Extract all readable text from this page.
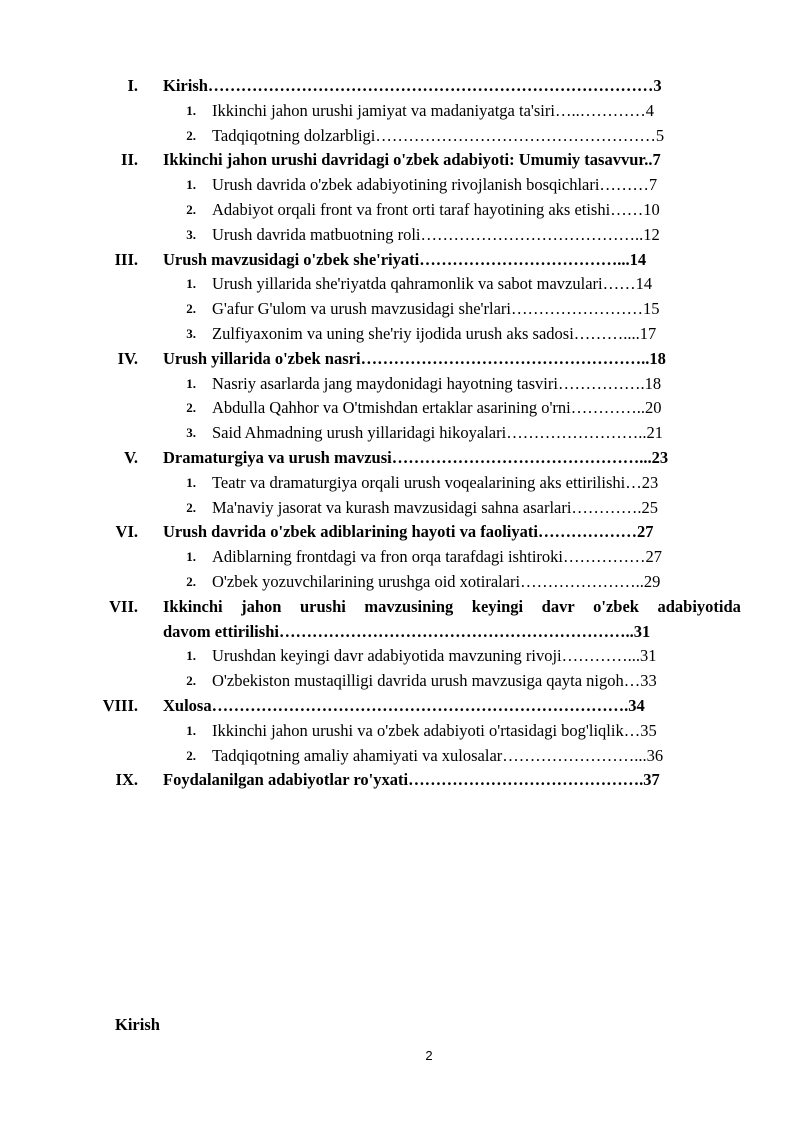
I. Kirish………………………………………………………………………3
1. Ikkinchi jahon urushi jamiyat va madaniyatga ta'siri…..…………4
2. Tadqiqotning dolzarbligi……………………………………………5
II. Ikkinchi jahon urushi davridagi o'zbek adabiyoti: Umumiy tasavvur..7
1. Urush davrida o'zbek adabiyotining rivojlanish bosqichlari………7
2. Adabiyot orqali front va front orti taraf hayotining aks etishi……10
3. Urush davrida matbuotning roli…………………………………..12
III. Urush mavzusidagi o'zbek she'riyati………………………………...14
1. Urush yillarida she'riyatda qahramonlik va sabot mavzulari……14
2. G'afur G'ulom va urush mavzusidagi she'rlari……………………15
3. Zulfiyaxonim va uning she'riy ijodida urush aks sadosi………....17
IV. Urush yillarida o'zbek nasri……………………………………………..18
1. Nasriy asarlarda jang maydonidagi hayotning tasviri…………….18
2. Abdulla Qahhor va O'tmishdan ertaklar asarining o'rni…………..20
3. Said Ahmadning urush yillaridagi hikoyalari……………………..21
V. Dramaturgiya va urush mavzusi………………………………………...23
1. Teatr va dramaturgiya orqali urush voqealarining aks ettirilishi…23
2. Ma'naviy jasorat va kurash mavzusidagi sahna asarlari………….25
VI. Urush davrida o'zbek adiblarining hayoti va faoliyati………………27
1. Adiblarning frontdagi va fron orqa tarafdagi ishtiroki……………27
2. O'zbek yozuvchilarining urushga oid xotiralari…………………..29
VII. Ikkinchi jahon urushi mavzusining keyingi davr o'zbek adabiyotida
davom ettirilishi………………………………………………………..31
1. Urushdan keyingi davr adabiyotida mavzuning rivoji…………...31
2. O'zbekiston mustaqilligi davrida urush mavzusiga qayta nigoh…33
VIII. Xulosa………………………………………………………………….34
1. Ikkinchi jahon urushi va o'zbek adabiyoti o'rtasidagi bog'liqlik…35
2. Tadqiqotning amaliy ahamiyati va xulosalar……………………...36
IX. Foydalanilgan adabiyotlar ro'yxati…………………………………….37
Kirish
2
